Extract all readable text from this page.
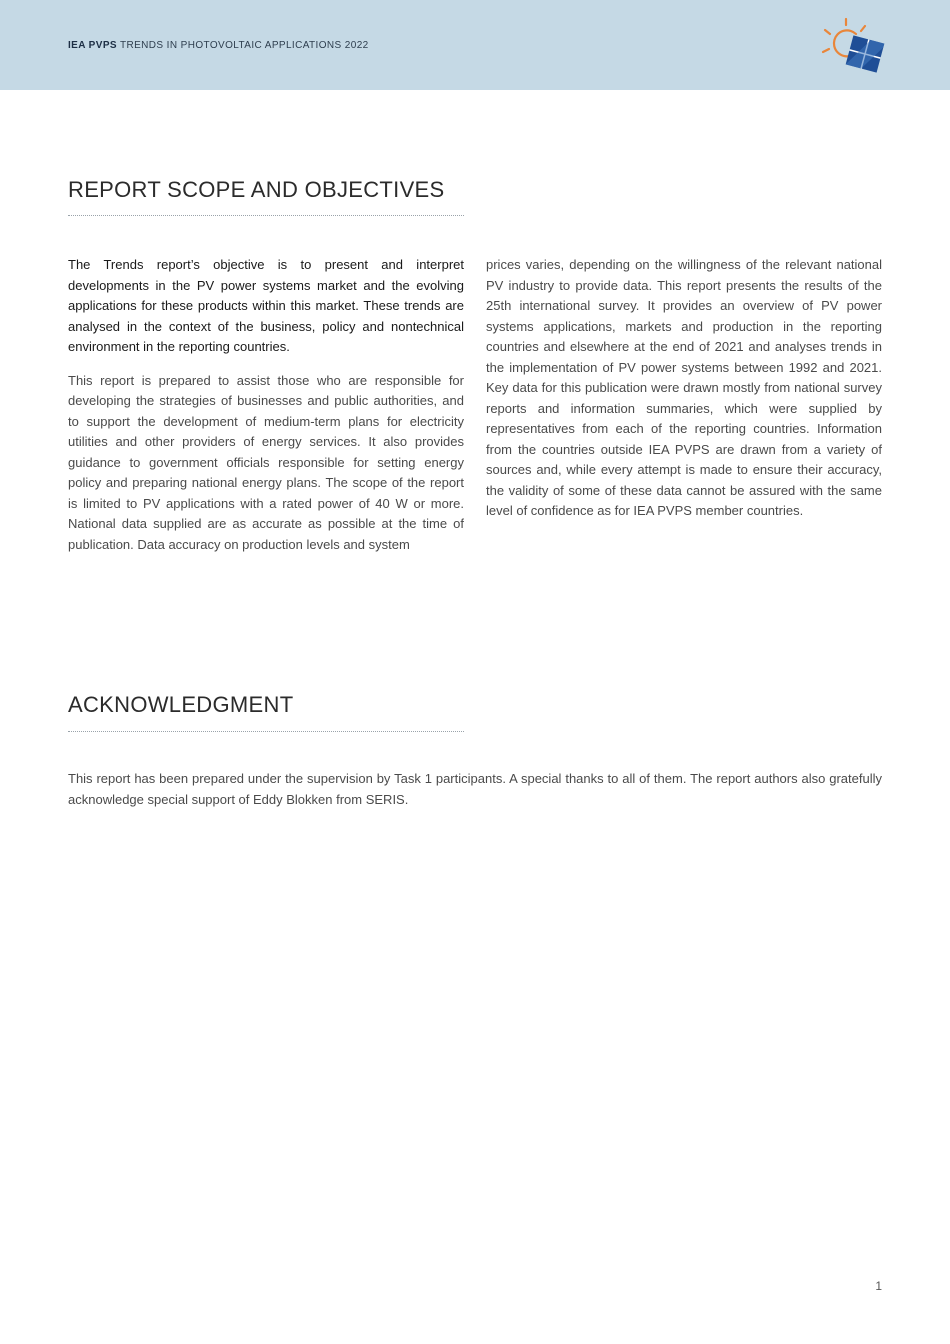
IEA PVPS TRENDS IN PHOTOVOLTAIC APPLICATIONS 2022
REPORT SCOPE AND OBJECTIVES

The Trends report’s objective is to present and interpret developments in the PV power systems market and the evolving applications for these products within this market. These trends are analysed in the context of the business, policy and nontechnical environment in the reporting countries.

This report is prepared to assist those who are responsible for developing the strategies of businesses and public authorities, and to support the development of medium-term plans for electricity utilities and other providers of energy services. It also provides guidance to government officials responsible for setting energy policy and preparing national energy plans. The scope of the report is limited to PV applications with a rated power of 40 W or more. National data supplied are as accurate as possible at the time of publication. Data accuracy on production levels and system

prices varies, depending on the willingness of the relevant national PV industry to provide data. This report presents the results of the 25th international survey. It provides an overview of PV power systems applications, markets and production in the reporting countries and elsewhere at the end of 2021 and analyses trends in the implementation of PV power systems between 1992 and 2021. Key data for this publication were drawn mostly from national survey reports and information summaries, which were supplied by representatives from each of the reporting countries. Information from the countries outside IEA PVPS are drawn from a variety of sources and, while every attempt is made to ensure their accuracy, the validity of some of these data cannot be assured with the same level of confidence as for IEA PVPS member countries.

ACKNOWLEDGMENT
This report has been prepared under the supervision by Task 1 participants. A special thanks to all of them. The report authors also gratefully acknowledge special support of Eddy Blokken from SERIS.
1
